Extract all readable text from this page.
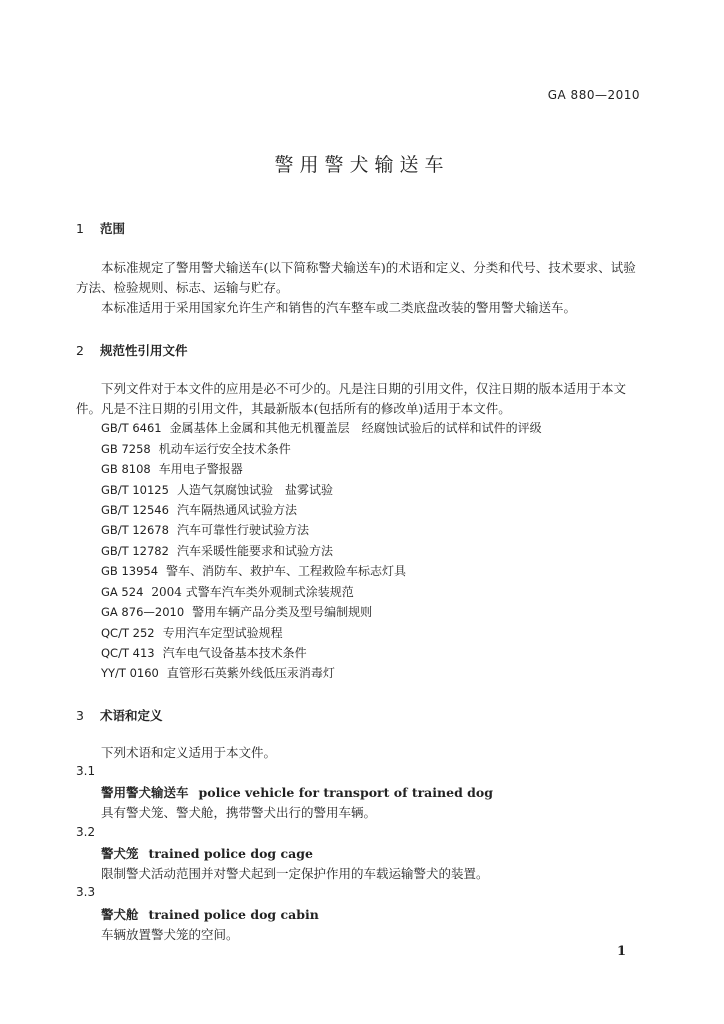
GA 880—2010
警用警犬输送车
1 范围
本标准规定了警用警犬输送车(以下简称警犬输送车)的术语和定义、分类和代号、技术要求、试验
方法、检验规则、标志、运输与贮存。
本标准适用于采用国家允许生产和销售的汽车整车或二类底盘改装的警用警犬输送车。
2 规范性引用文件
下列文件对于本文件的应用是必不可少的。凡是注日期的引用文件，仅注日期的版本适用于本文
件。凡是不注日期的引用文件，其最新版本(包括所有的修改单)适用于本文件。
GB/T 6461 金属基体上金属和其他无机覆盖层　经腐蚀试验后的试样和试件的评级
GB 7258 机动车运行安全技术条件
GB 8108 车用电子警报器
GB/T 10125 人造气氛腐蚀试验　盐雾试验
GB/T 12546 汽车隔热通风试验方法
GB/T 12678 汽车可靠性行驶试验方法
GB/T 12782 汽车采暖性能要求和试验方法
GB 13954 警车、消防车、救护车、工程救险车标志灯具
GA 524 2004 式警车汽车类外观制式涂装规范
GA 876—2010 警用车辆产品分类及型号编制规则
QC/T 252 专用汽车定型试验规程
QC/T 413 汽车电气设备基本技术条件
YY/T 0160 直管形石英紫外线低压汞消毒灯
3 术语和定义
下列术语和定义适用于本文件。
3.1
警用警犬输送车 police vehicle for transport of trained dog
具有警犬笼、警犬舱，携带警犬出行的警用车辆。
3.2
警犬笼 trained police dog cage
限制警犬活动范围并对警犬起到一定保护作用的车载运输警犬的装置。
3.3
警犬舱 trained police dog cabin
车辆放置警犬笼的空间。
1
